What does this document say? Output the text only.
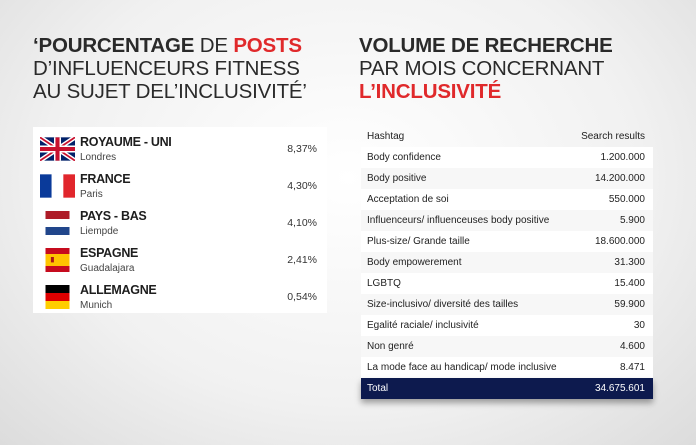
‘POURCENTAGE DE POSTS
D’INFLUENCEURS FITNESS
AU SUJET DEL’INCLUSIVITÉ’
VOLUME DE RECHERCHE
PAR MOIS CONCERNANT
L’INCLUSIVITÉ
ROYAUME - UNI
Londres
8,37%
FRANCE
Paris
4,30%
PAYS - BAS
Liempde
4,10%
ESPAGNE
Guadalajara
2,41%
ALLEMAGNE
Munich
0,54%
Hashtag	Search results
Body confidence	1.200.000
Body positive	14.200.000
Acceptation de soi	550.000
Influenceurs/ influenceuses body positive	5.900
Plus-size/ Grande taille	18.600.000
Body empowerement	31.300
LGBTQ	15.400
Size-inclusivo/ diversité des tailles	59.900
Egalité raciale/ inclusivité	30
Non genré	4.600
La mode face au handicap/ mode inclusive	8.471
Total	34.675.601
